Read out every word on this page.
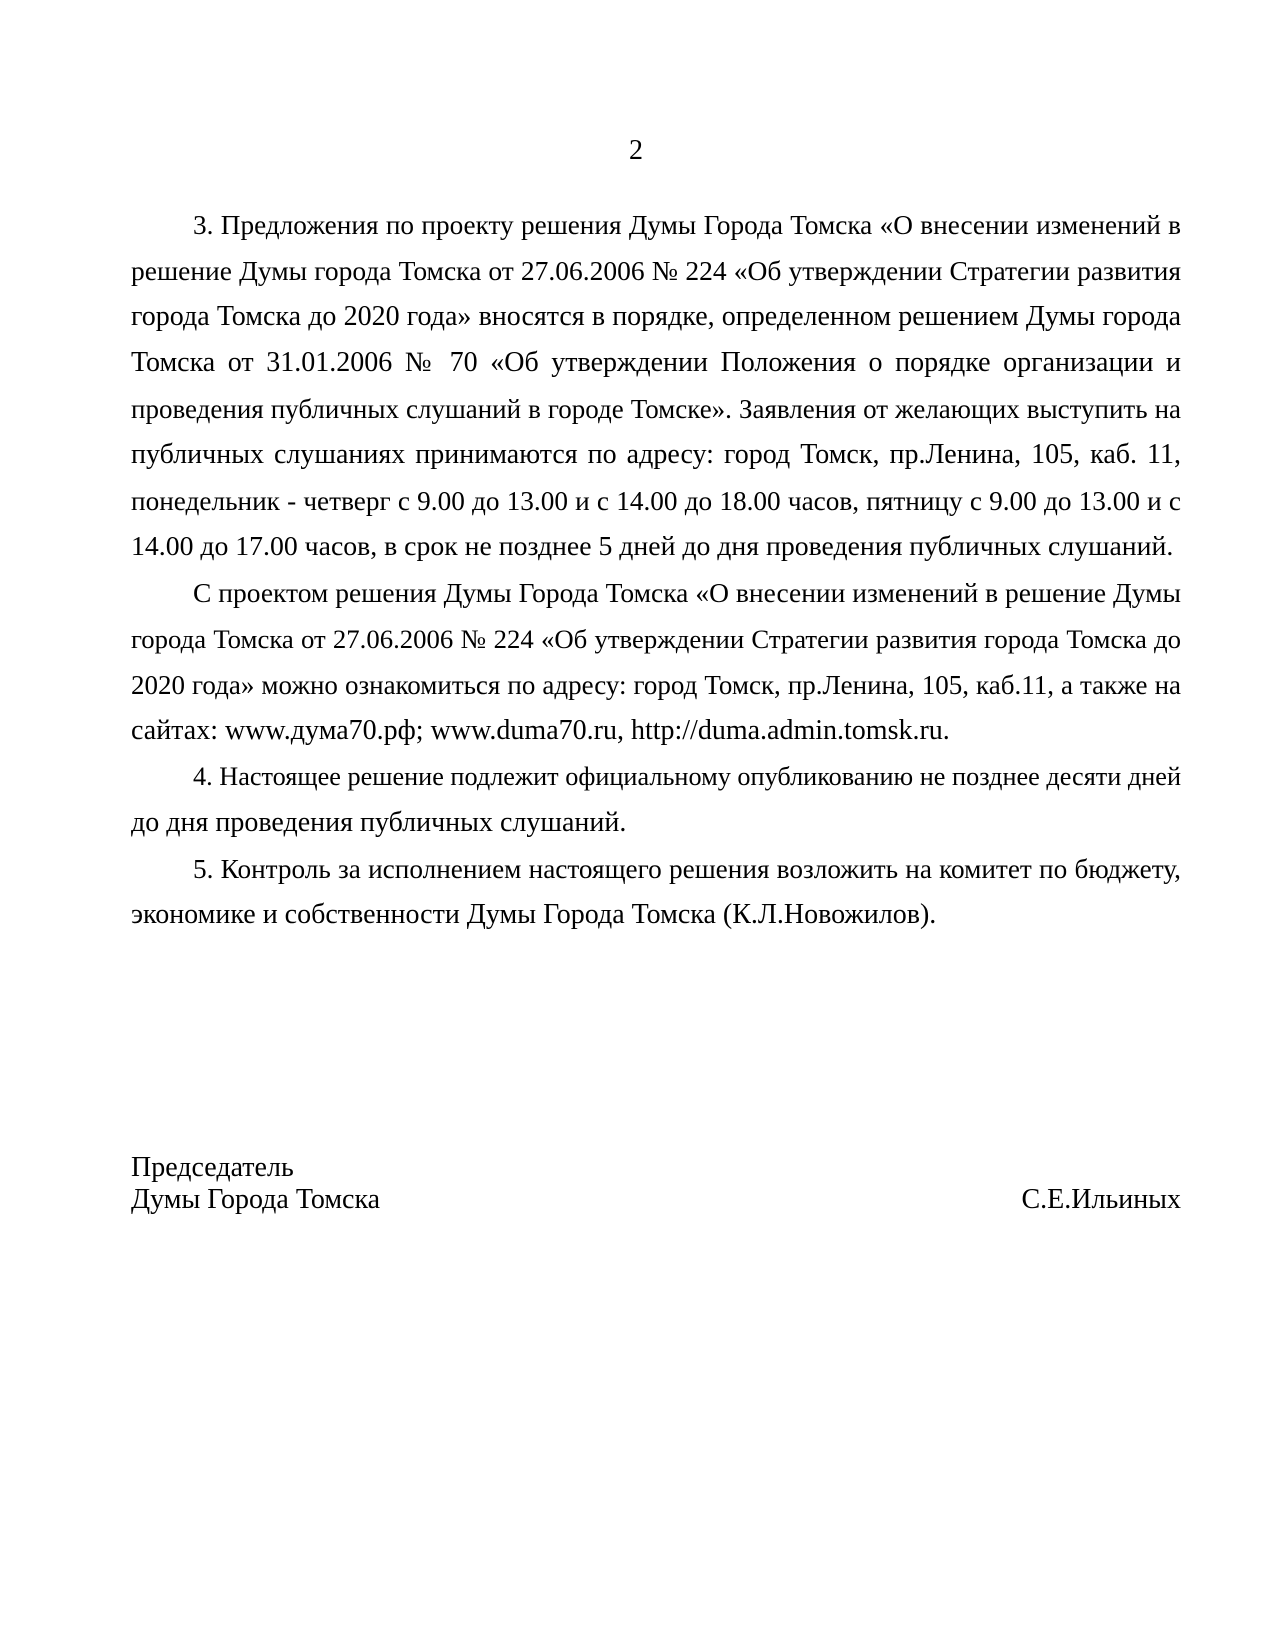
2
3. Предложения по проекту решения Думы Города Томска «О внесении изменений в
решение Думы города Томска от 27.06.2006 № 224 «Об утверждении Стратегии развития
города Томска до 2020 года» вносятся в порядке, определенном решением Думы города
Томска от 31.01.2006 № 70 «Об утверждении Положения о порядке организации и
проведения публичных слушаний в городе Томске». Заявления от желающих выступить на
публичных слушаниях принимаются по адресу: город Томск, пр.Ленина, 105, каб. 11,
понедельник - четверг с 9.00 до 13.00 и с 14.00 до 18.00 часов, пятницу с 9.00 до 13.00 и с
14.00 до 17.00 часов, в срок не позднее 5 дней до дня проведения публичных слушаний.
С проектом решения Думы Города Томска «О внесении изменений в решение Думы
города Томска от 27.06.2006 № 224 «Об утверждении Стратегии развития города Томска до
2020 года» можно ознакомиться по адресу: город Томск, пр.Ленина, 105, каб.11, а также на
сайтах: www.дума70.рф; www.duma70.ru, http://duma.admin.tomsk.ru.
4. Настоящее решение подлежит официальному опубликованию не позднее десяти дней
до дня проведения публичных слушаний.
5. Контроль за исполнением настоящего решения возложить на комитет по бюджету,
экономике и собственности Думы Города Томска (К.Л.Новожилов).
Председатель
Думы Города Томска	С.Е.Ильиных
